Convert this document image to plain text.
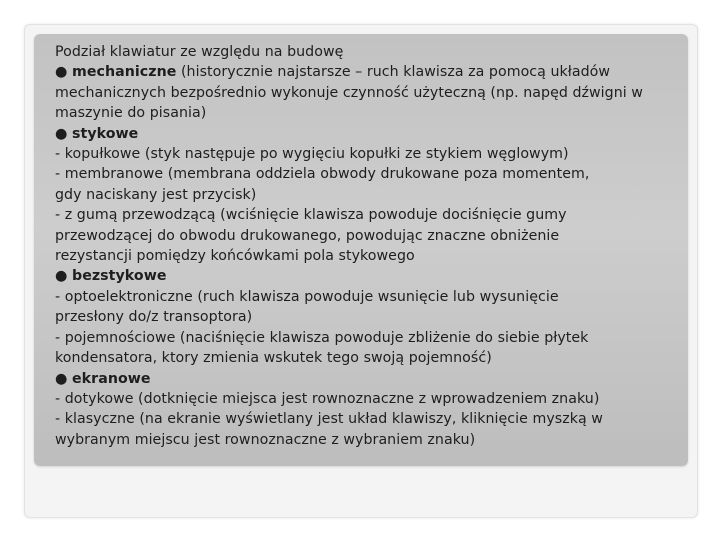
Podział klawiatur ze względu na budowę
● mechaniczne (historycznie najstarsze – ruch klawisza za pomocą układów
mechanicznych bezpośrednio wykonuje czynność użyteczną (np. napęd dźwigni w
maszynie do pisania)
● stykowe
- kopułkowe (styk następuje po wygięciu kopułki ze stykiem węglowym)
- membranowe (membrana oddziela obwody drukowane poza momentem,
gdy naciskany jest przycisk)
- z gumą przewodzącą (wciśnięcie klawisza powoduje dociśnięcie gumy
przewodzącej do obwodu drukowanego, powodując znaczne obniżenie
rezystancji pomiędzy końcówkami pola stykowego
● bezstykowe
- optoelektroniczne (ruch klawisza powoduje wsunięcie lub wysunięcie
przesłony do/z transoptora)
- pojemnościowe (naciśnięcie klawisza powoduje zbliżenie do siebie płytek
kondensatora, ktory zmienia wskutek tego swoją pojemność)
● ekranowe
- dotykowe (dotknięcie miejsca jest rownoznaczne z wprowadzeniem znaku)
- klasyczne (na ekranie wyświetlany jest układ klawiszy, kliknięcie myszką w
wybranym miejscu jest rownoznaczne z wybraniem znaku)
